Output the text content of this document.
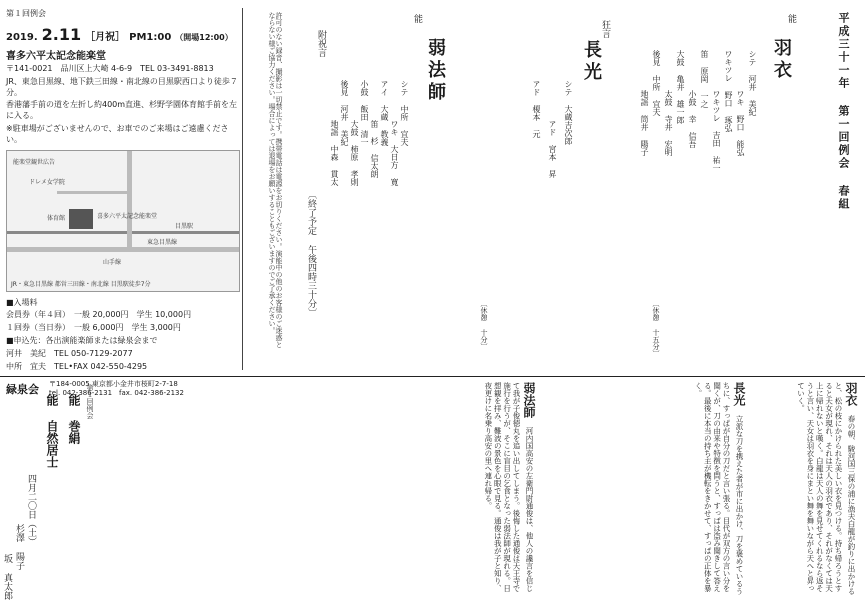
第１回例会
2019. 2.11 ［月祝］ PM1:00 （開場12:00）
喜多六平太記念能楽堂

〒141-0021　品川区上大崎 4-6-9　TEL 03-3491-8813

JR、東急目黒線、地下鉄三田線・南北線の目黒駅西口より徒歩７分。

香港藩手前の道を左折し約400m直進、杉野学園体育館手前を左に入る。

※駐車場がございませんので、お車でのご来場はご遠慮ください。

能楽堂観世広告
ドレメ女学院
体育館	喜多六平太記念能楽堂
東急目黒線
目黒駅
山手線
JR・東急目黒線 都営三田線・南北線 目黒駅徒歩7分

■入場料

会員券（年４回）　一般 20,000円　学生 10,000円

１回券（当日券）　一般 6,000円　学生 3,000円

■申込先：各出演能楽師または緑泉会まで

河井　美紀　TEL 050-7129-2077

中所　宜夫　TEL•FAX 042-550-4295

緑泉会 〒184-0005 東京都小金井市桜町2-7-18
tel. 042-386-2131　fax. 042-386-2132
許可のない録音、撮影は一切禁止です。携帯電話は電源をお切りください。演能中の他のお客様のご迷惑とならない様ご協力ください。場合によっては退場をお願いすることもございますのでご了承ください。	附祝言
〔終了予定 午後四時三十分〕
能
弱法師
シテ 中所 宜夫
ワキ 大日方 寛
アイ 大蔵 教義
笛 杉 信太朗
小鼓 飯田 清一
大鼓 柿原 孝則
後見 河井 美紀
地謡 中森 貫太
狂言
長光
シテ 大蔵吉次郎
アド 宮本 昇
アド 榎本 元
〔休憩 十分〕
能
羽衣
シテ 河井 美紀
ワキ 野口 能弘
ワキツレ 野口 琢弘
ワキツレ 吉田 祐一
笛 原岡 一之
小鼓 幸 信吾
大鼓 亀井 雄一郎
太鼓 寺井 宏明
後見 中所 宜夫
地謡 筒井 陽子
〔休憩 十五分〕
平成三十一年 第一回例会 春組
第１回例会
能 巻絹
能 自然居士
四月二〇日（土）
杉澤 陽子
坂 真太郎
羽衣 春の朝、駿河国三保の浦に漁夫白龍が釣りに出かけると、松の枝にかけられた美しい衣を見つける。持ち帰ろうとすると天女が現れ、それは天人の羽衣であり、それがなくては天上に帰れないと嘆く。白龍は天人の舞を見せてくれるなら返そうと言い、天女は羽衣を身にまとい舞を舞いながら天へと昇っていく。
長光 立派な刀を携えた者が市に出かけ、刀を褒めているうちに、すっぱが自分の刀だと言い張る。目代が双方の言い分を聞くが、刀の由来や特徴を問うと、すっぱは盗み聞きして答える。最後に本当の持ち主が機転をきかせて、すっぱの正体を暴く。
弱法師 河内国高安の左衛門尉通俊は、他人の讒言を信じて我が子俊徳丸を追い出してしまう。後悔した通俊は天王寺で施行を行うが、そこに盲目の乞食となった弱法師が現れる。日想観を拝み、難波の景色を心眼で見る。通俊は我が子と知り、夜更けに名乗り高安の里へ連れ帰る。
